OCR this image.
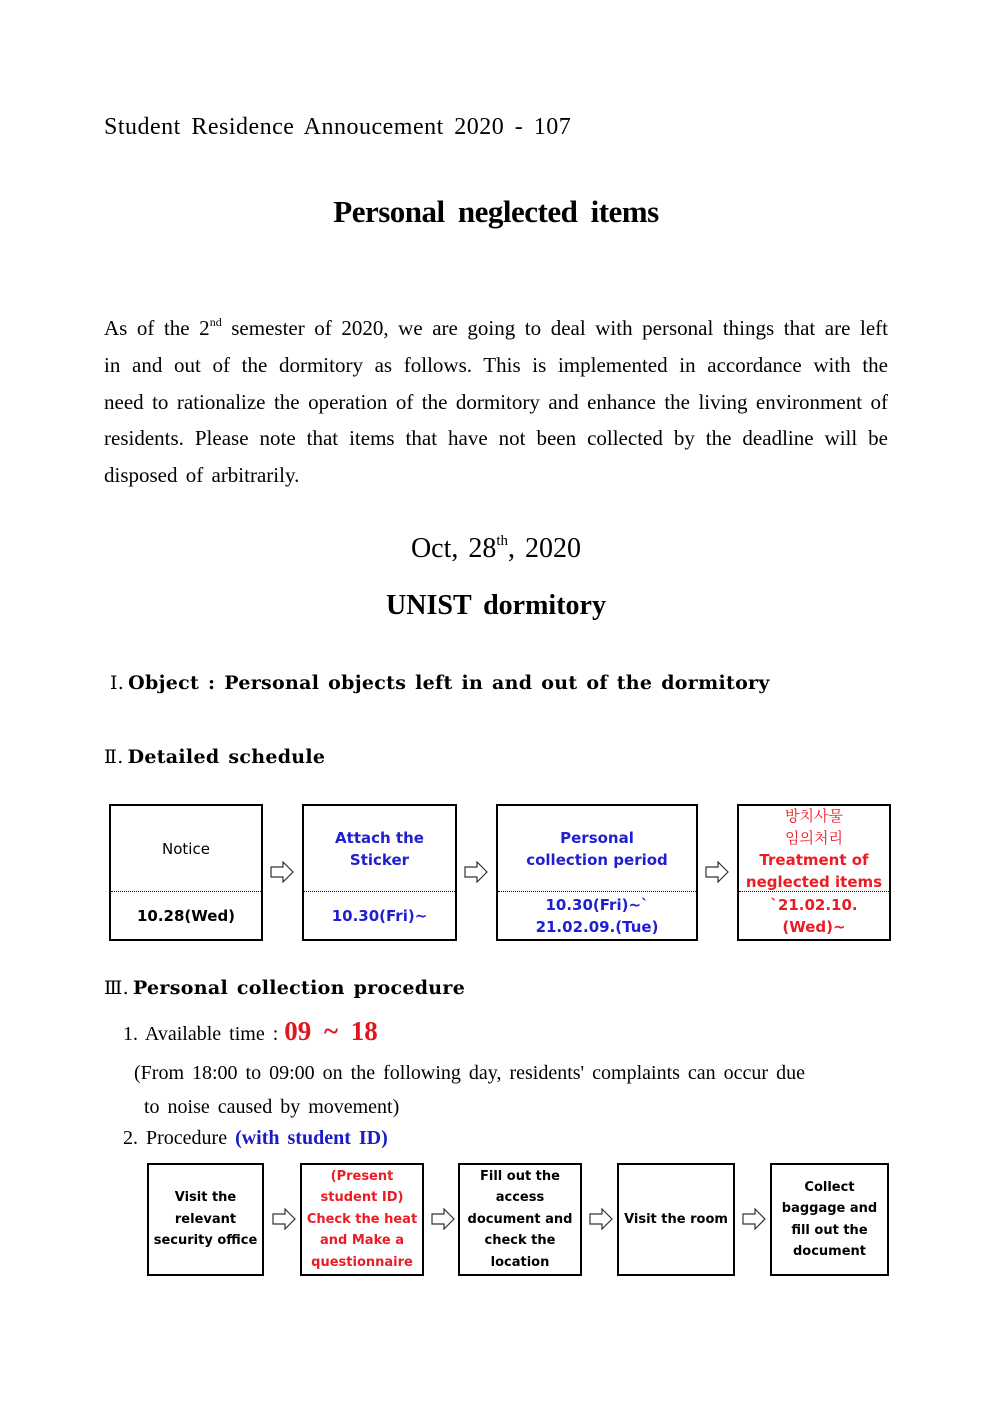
Student Residence Annoucement 2020 - 107
Personal neglected items
As of the 2nd semester of 2020, we are going to deal with personal things that are left in and out of the dormitory as follows. This is implemented in accordance with the need to rationalize the operation of the dormitory and enhance the living environment of residents. Please note that items that have not been collected by the deadline will be disposed of arbitrarily.
Oct, 28th, 2020
UNIST dormitory
Ⅰ. Object : Personal objects left in and out of the dormitory
Ⅱ. Detailed schedule
Notice
10.28(Wed)
Attach the Sticker
10.30(Fri)~
Personal collection period
10.30(Fri)~`
21.02.09.(Tue)
방치사물
임의처리
Treatment of
neglected items
`21.02.10.(Wed)~
Ⅲ. Personal collection procedure
1. Available time : 09 ~ 18
(From 18:00 to 09:00 on the following day, residents' complaints can occur due
to noise caused by movement)
2. Procedure (with student ID)
Visit the
relevant
security office
(Present
student ID)
Check the heat
and Make a
questionnaire
Fill out the
access
document and
check the
location
Visit the room
Collect
baggage and
fill out the
document
